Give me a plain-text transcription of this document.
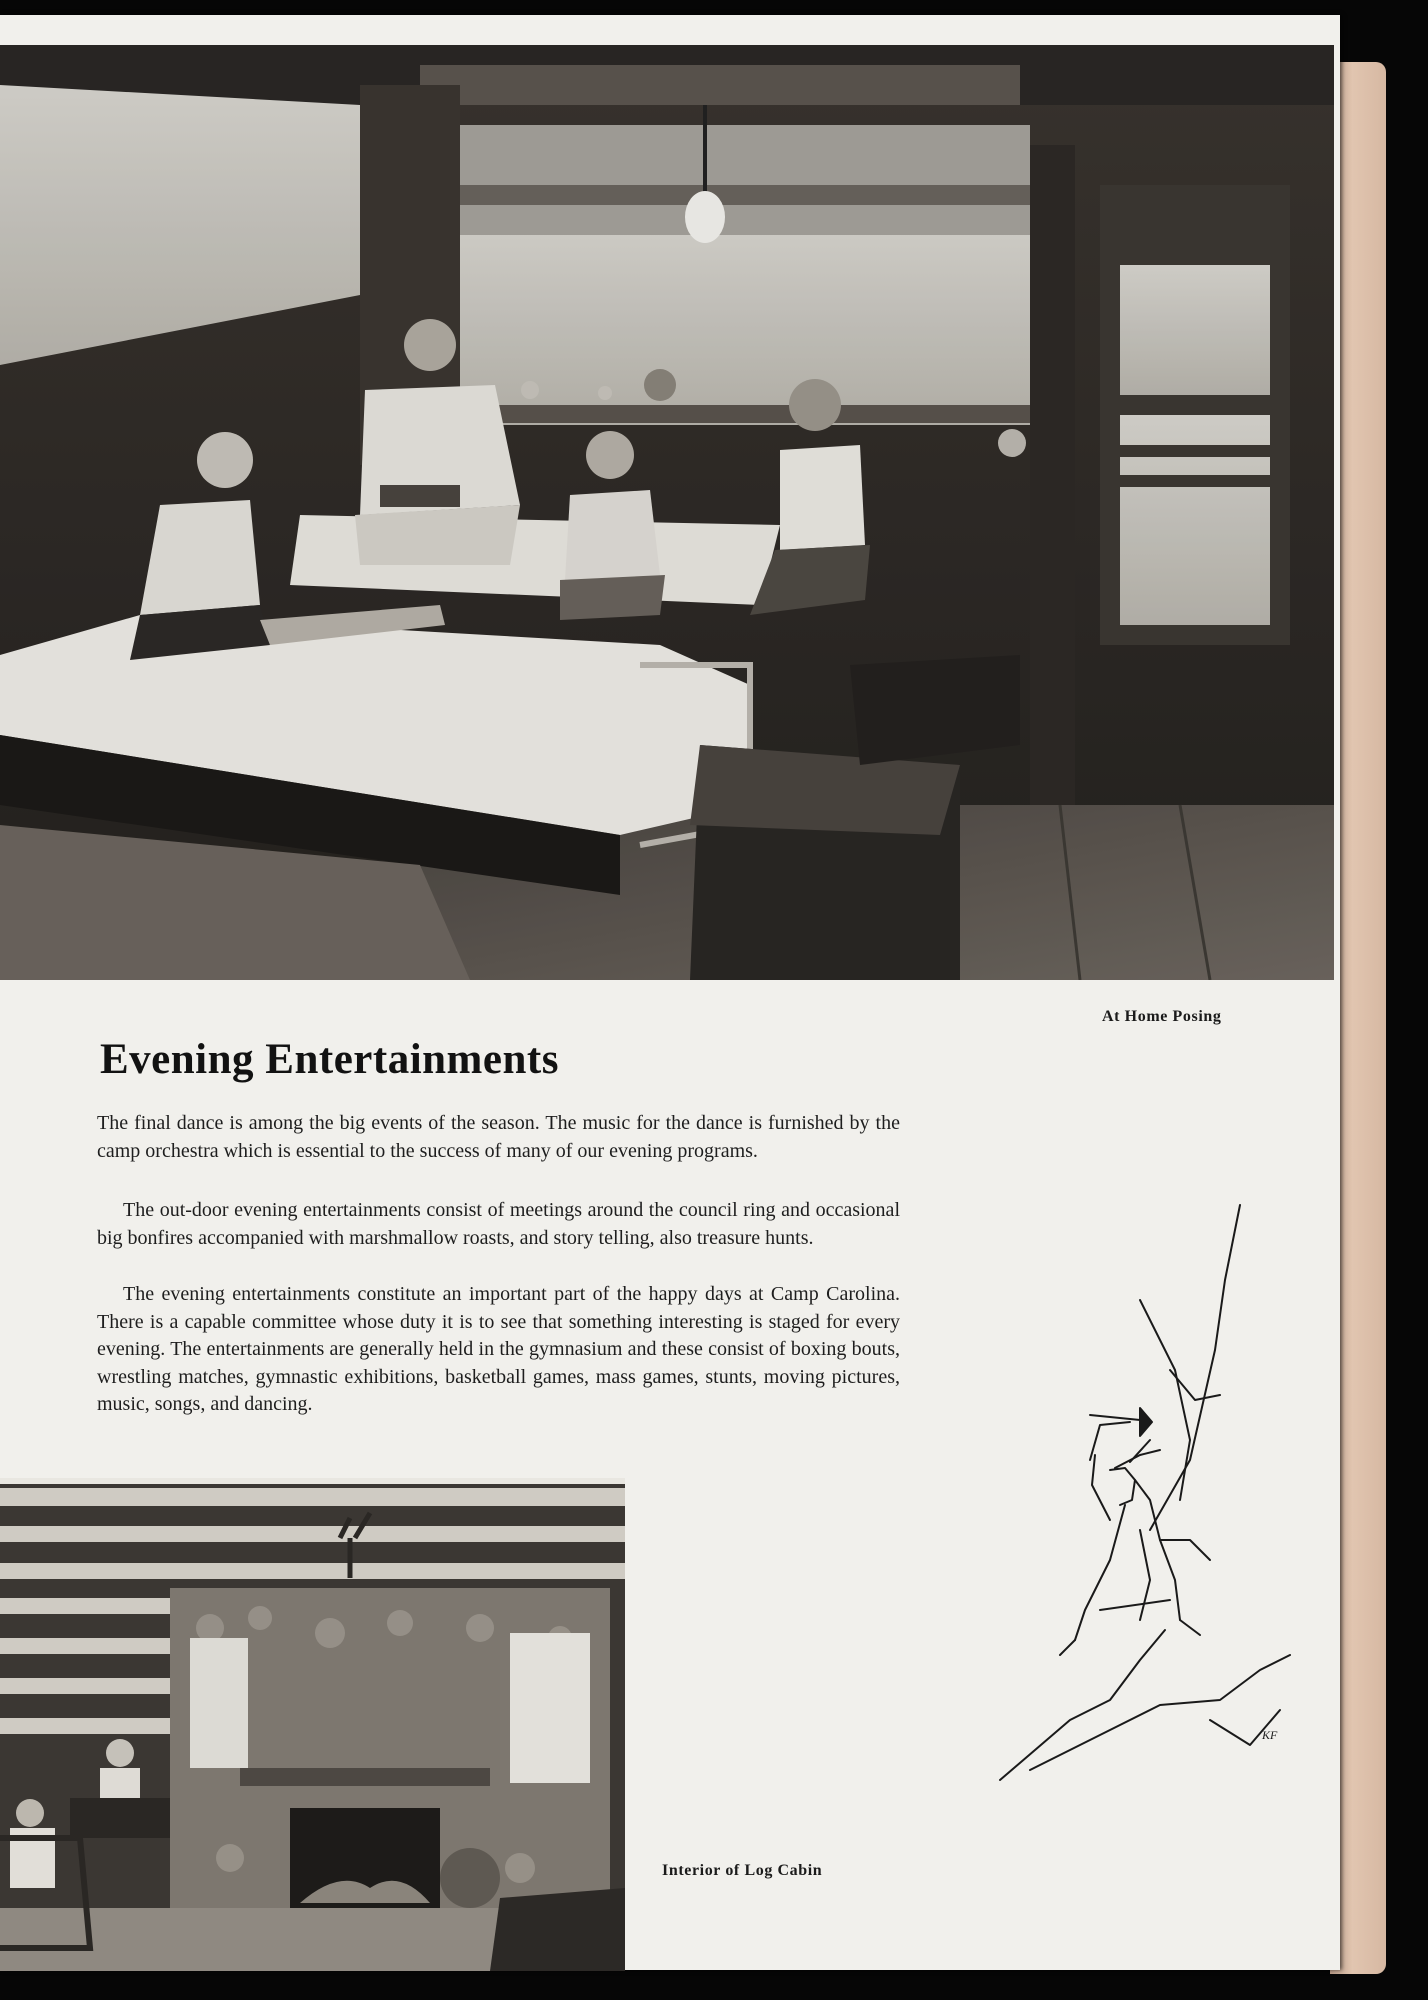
At Home Posing
Evening Entertainments

The final dance is among the big events of the season. The music for the dance is furnished by the camp orchestra which is essential to the success of many of our evening programs.

The out-door evening entertainments consist of meetings around the council ring and occasional big bonfires accompanied with marshmallow roasts, and story telling, also treasure hunts.

The evening entertainments constitute an important part of the happy days at Camp Carolina. There is a capable committee whose duty it is to see that something interesting is staged for every evening. The entertainments are generally held in the gymnasium and these consist of boxing bouts, wrestling matches, gymnastic exhibitions, basketball games, mass games, stunts, moving pictures, music, songs, and dancing.

KF
Interior of Log Cabin
